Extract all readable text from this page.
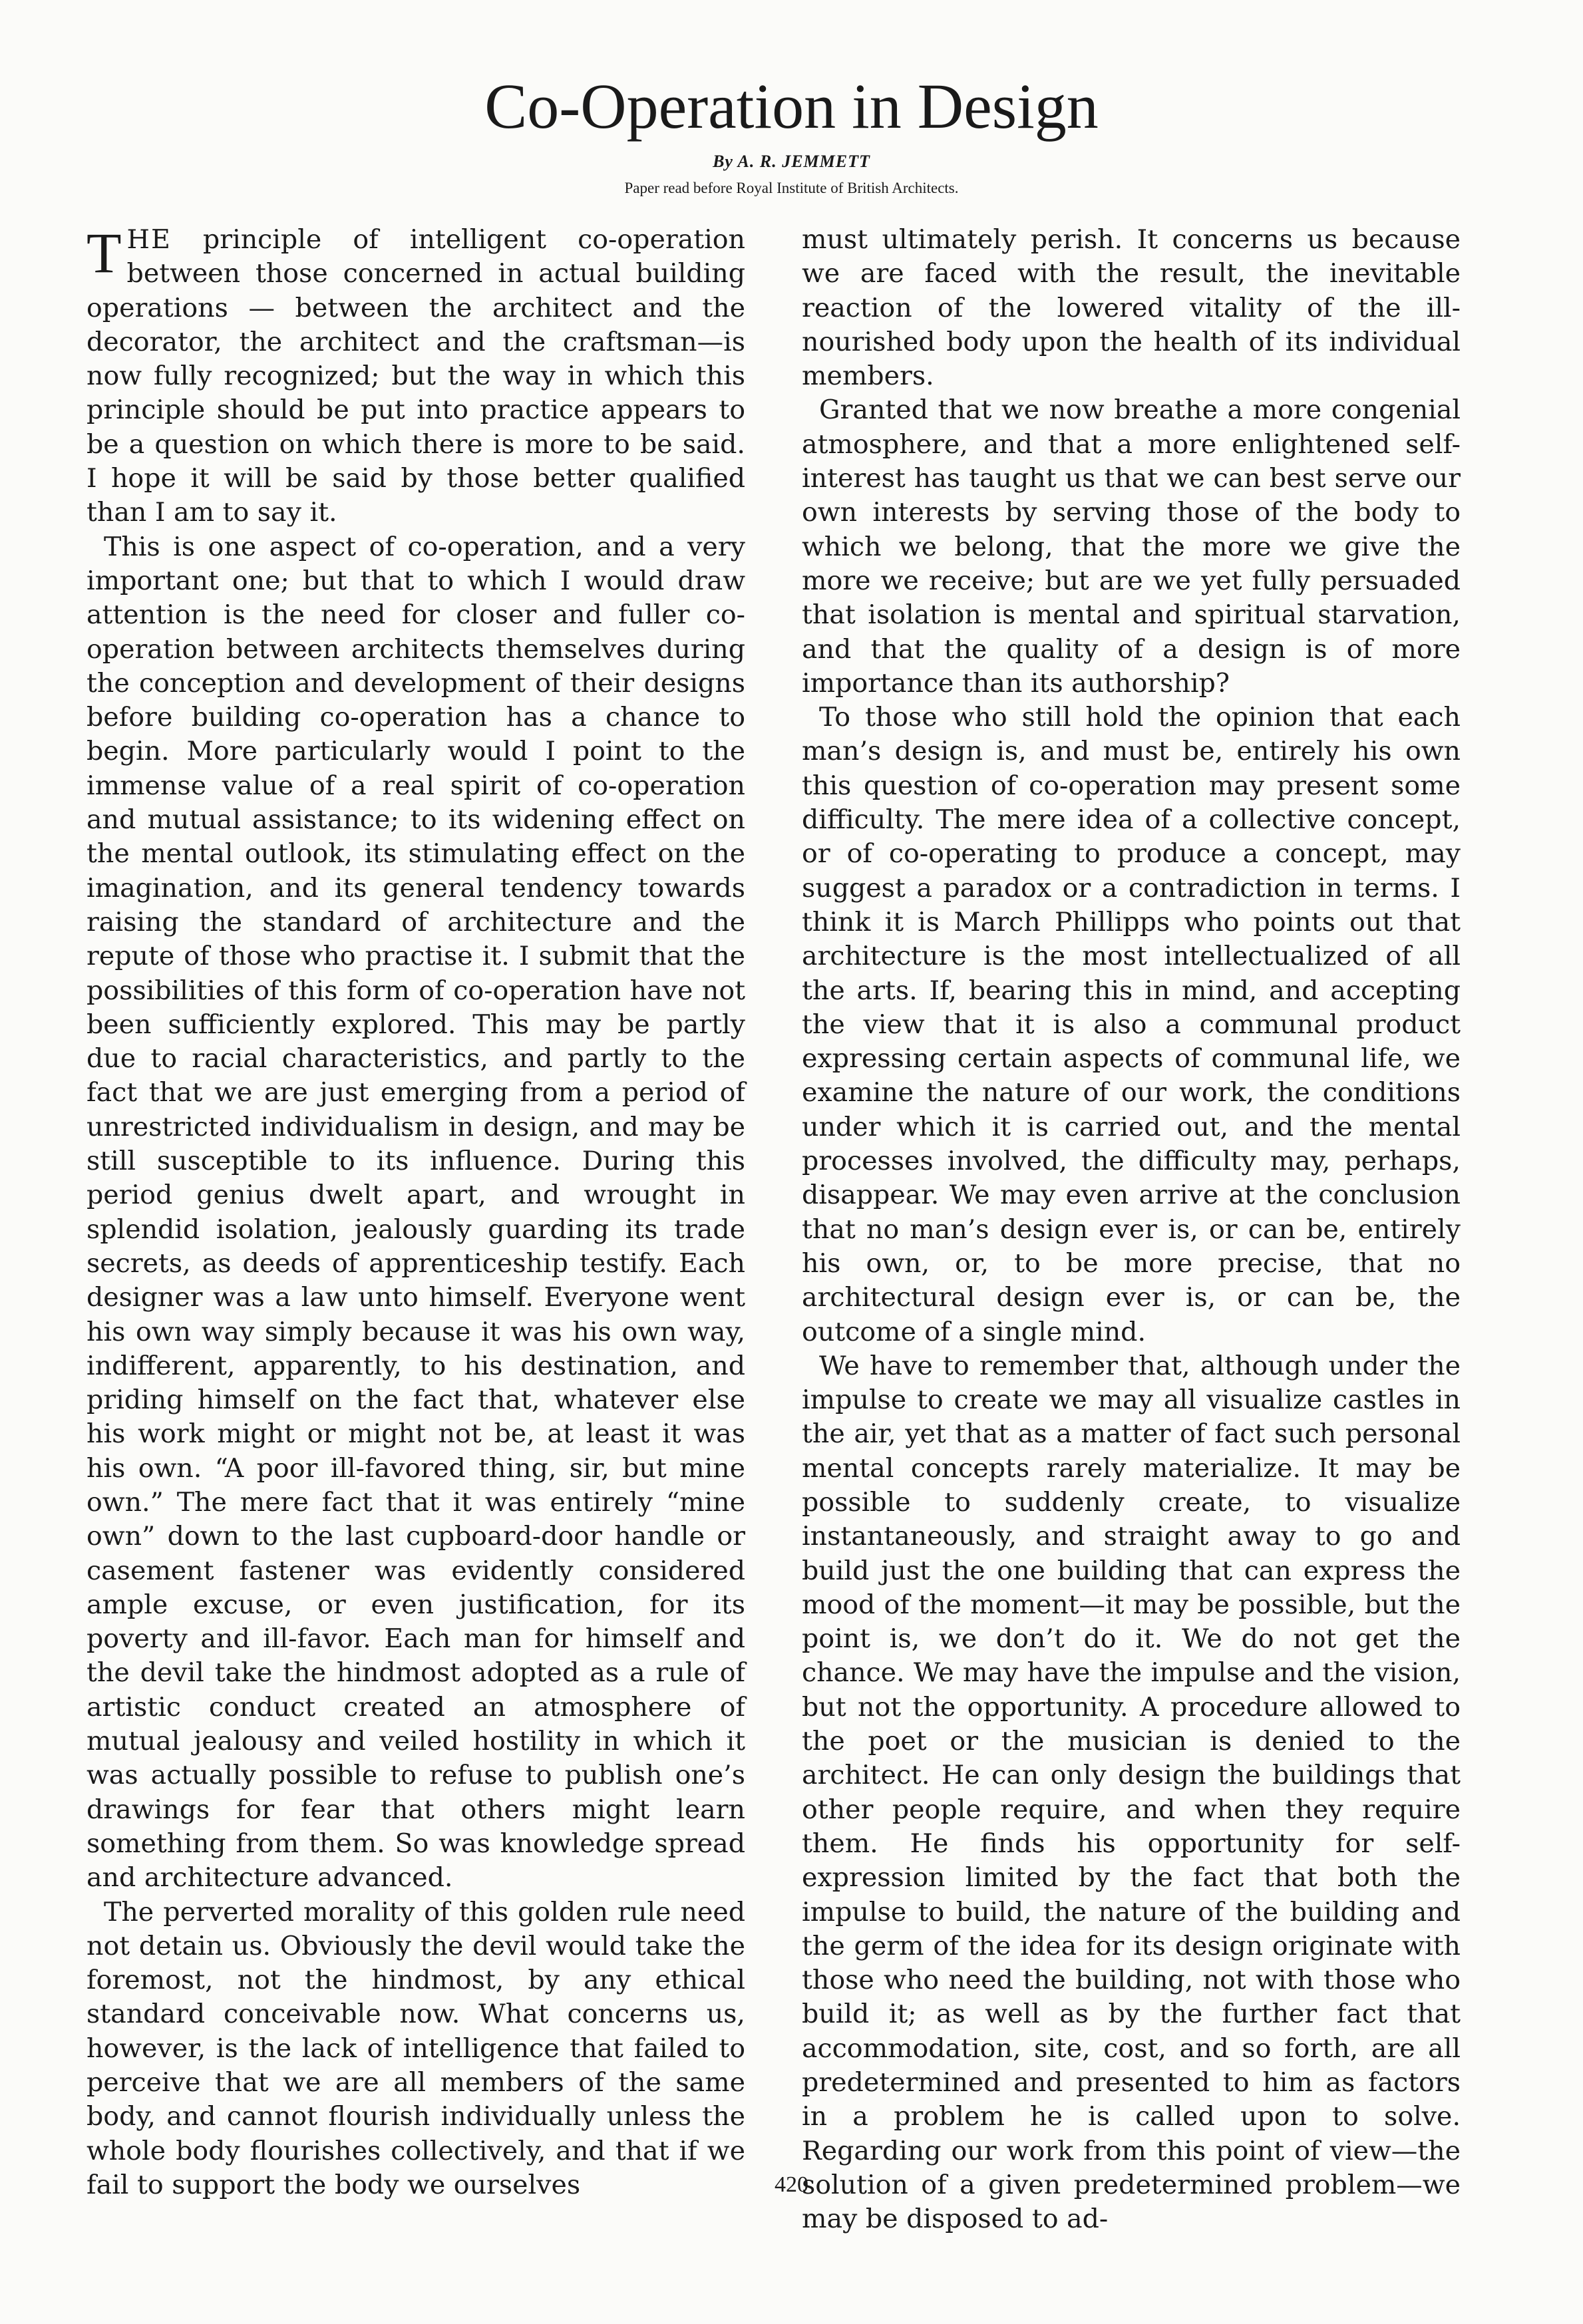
Co-Operation in Design
By A. R. JEMMETT
Paper read before Royal Institute of British Architects.

THE principle of intelligent co-operation between those concerned in actual building operations — between the architect and the decorator, the architect and the craftsman—is now fully recognized; but the way in which this principle should be put into practice appears to be a question on which there is more to be said. I hope it will be said by those better qualified than I am to say it.

This is one aspect of co-operation, and a very important one; but that to which I would draw attention is the need for closer and fuller co-operation between architects themselves during the conception and development of their designs before building co-operation has a chance to begin. More particularly would I point to the immense value of a real spirit of co-operation and mutual assistance; to its widening effect on the mental outlook, its stimulating effect on the imagination, and its general tendency towards raising the standard of architecture and the repute of those who practise it. I submit that the possibilities of this form of co-operation have not been sufficiently explored. This may be partly due to racial characteristics, and partly to the fact that we are just emerging from a period of unrestricted individualism in design, and may be still susceptible to its influence. During this period genius dwelt apart, and wrought in splendid isolation, jealously guarding its trade secrets, as deeds of apprenticeship testify. Each designer was a law unto himself. Everyone went his own way simply because it was his own way, indifferent, apparently, to his destination, and priding himself on the fact that, whatever else his work might or might not be, at least it was his own. “A poor ill-favored thing, sir, but mine own.” The mere fact that it was entirely “mine own” down to the last cupboard-door handle or casement fastener was evidently considered ample excuse, or even justification, for its poverty and ill-favor. Each man for himself and the devil take the hindmost adopted as a rule of artistic conduct created an atmosphere of mutual jealousy and veiled hostility in which it was actually possible to refuse to publish one’s drawings for fear that others might learn something from them. So was knowledge spread and architecture advanced.

The perverted morality of this golden rule need not detain us. Obviously the devil would take the foremost, not the hindmost, by any ethical standard conceivable now. What concerns us, however, is the lack of intelligence that failed to perceive that we are all members of the same body, and cannot flourish individually unless the whole body flourishes collectively, and that if we fail to support the body we ourselves

must ultimately perish. It concerns us because we are faced with the result, the inevitable reaction of the lowered vitality of the ill-nourished body upon the health of its individual members.

Granted that we now breathe a more congenial atmosphere, and that a more enlightened self-interest has taught us that we can best serve our own interests by serving those of the body to which we belong, that the more we give the more we receive; but are we yet fully persuaded that isolation is mental and spiritual starvation, and that the quality of a design is of more importance than its authorship?

To those who still hold the opinion that each man’s design is, and must be, entirely his own this question of co-operation may present some difficulty. The mere idea of a collective concept, or of co-operating to produce a concept, may suggest a paradox or a contradiction in terms. I think it is March Phillipps who points out that architecture is the most intellectualized of all the arts. If, bearing this in mind, and accepting the view that it is also a communal product expressing certain aspects of communal life, we examine the nature of our work, the conditions under which it is carried out, and the mental processes involved, the difficulty may, perhaps, disappear. We may even arrive at the conclusion that no man’s design ever is, or can be, entirely his own, or, to be more precise, that no architectural design ever is, or can be, the outcome of a single mind.

We have to remember that, although under the impulse to create we may all visualize castles in the air, yet that as a matter of fact such personal mental concepts rarely materialize. It may be possible to suddenly create, to visualize instantaneously, and straight away to go and build just the one building that can express the mood of the moment—it may be possible, but the point is, we don’t do it. We do not get the chance. We may have the impulse and the vision, but not the opportunity. A procedure allowed to the poet or the musician is denied to the architect. He can only design the buildings that other people require, and when they require them. He finds his opportunity for self-expression limited by the fact that both the impulse to build, the nature of the building and the germ of the idea for its design originate with those who need the building, not with those who build it; as well as by the further fact that accommodation, site, cost, and so forth, are all predetermined and presented to him as factors in a problem he is called upon to solve. Regarding our work from this point of view—the solution of a given predetermined problem—we may be disposed to ad-

420
